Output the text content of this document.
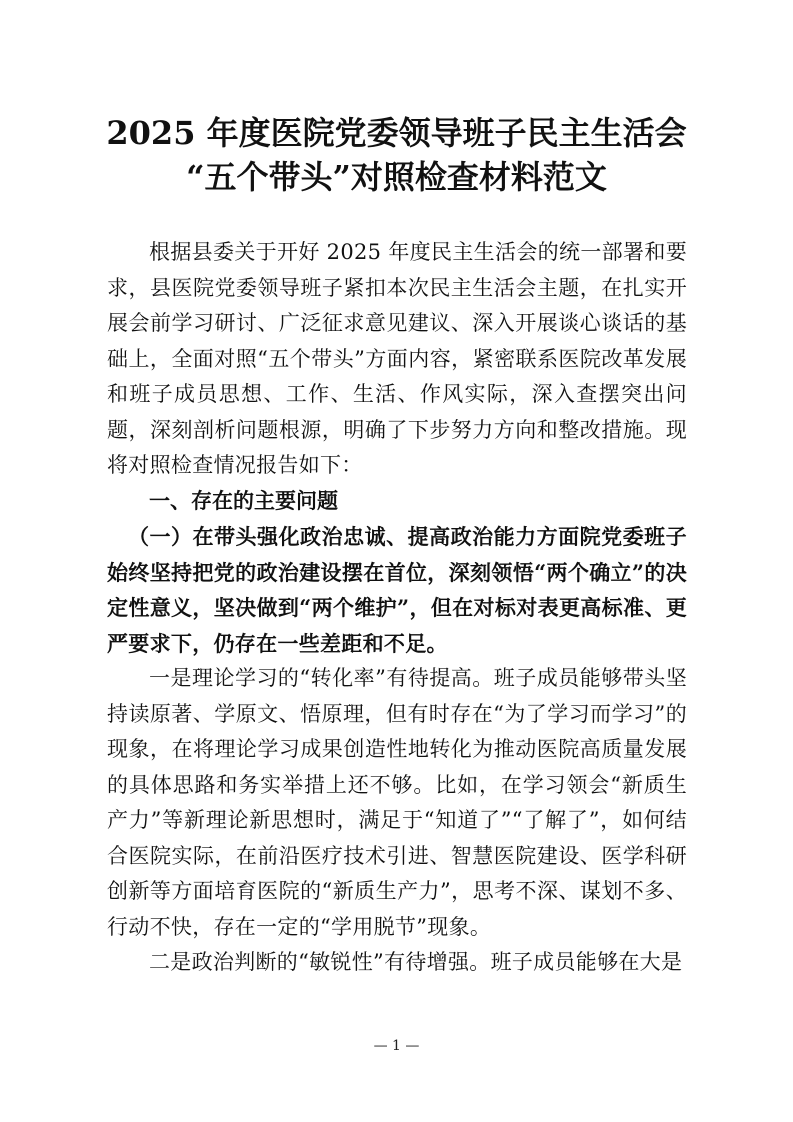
2025 年度医院党委领导班子民主生活会
“五个带头”对照检查材料范文

根据县委关于开好 2025 年度民主生活会的统一部署和要求，县医院党委领导班子紧扣本次民主生活会主题，在扎实开展会前学习研讨、广泛征求意见建议、深入开展谈心谈话的基础上，全面对照“五个带头”方面内容，紧密联系医院改革发展和班子成员思想、工作、生活、作风实际，深入查摆突出问题，深刻剖析问题根源，明确了下步努力方向和整改措施。现将对照检查情况报告如下：

一、存在的主要问题

（一）在带头强化政治忠诚、提高政治能力方面院党委班子始终坚持把党的政治建设摆在首位，深刻领悟“两个确立”的决定性意义，坚决做到“两个维护”，但在对标对表更高标准、更严要求下，仍存在一些差距和不足。

一是理论学习的“转化率”有待提高。班子成员能够带头坚持读原著、学原文、悟原理，但有时存在“为了学习而学习”的现象，在将理论学习成果创造性地转化为推动医院高质量发展的具体思路和务实举措上还不够。比如，在学习领会“新质生产力”等新理论新思想时，满足于“知道了”“了解了”，如何结合医院实际，在前沿医疗技术引进、智慧医院建设、医学科研创新等方面培育医院的“新质生产力”，思考不深、谋划不多、行动不快，存在一定的“学用脱节”现象。

二是政治判断的“敏锐性”有待增强。班子成员能够在大是

— 1 —
